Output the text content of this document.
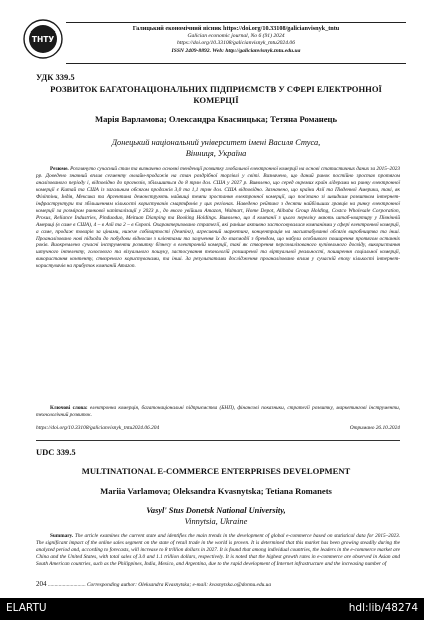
ТНТУ
Галицький економічний вісник https://doi.org/10.33108/galicianvisnyk_tntu
Galician economic journal, No 6 (91) 2024
https://doi.org/10.33108/galicianvisnyk_tntu2024.06
ISSN 2409-8892. Web: http://galicianvisnyk.tntu.edu.ua
УДК 339.5
РОЗВИТОК БАГАТОНАЦІОНАЛЬНИХ ПІДПРИЄМСТВ У СФЕРІ ЕЛЕКТРОННОЇ КОМЕРЦІЇ
Марія Варламова; Олександра Квасницька; Тетяна Романець
Донецький національний університет імені Василя Стуса,
Вінниця, Україна
Резюме. Розглянуто сучасний стан та визначено основні тенденції розвитку глобальної електронної комерції на основі статистичних даних за 2015–2023 рр. Доведено значний вплив сегменту онлайн-продажів на стан роздрібної торгівлі у світі. Визначено, що даний ринок постійно зростав протягом аналізованого періоду і, відповідно до прогнозів, збільшиться до 8 трлн дол. США у 2027 р. Виявлено, що серед окремих країн лідерами на ринку електронної комерції є Китай та США із загальним обсягом продажів 3,0 та 1,1 трлн дол. США відповідно. Зазначено, що країни Азії та Південної Америки, такі, як Філіппіни, Індія, Мексика та Аргентина демонструють найвищі темпи зростання електронної комерції, що пов'язано зі швидким розвитком інтернет-інфраструктури та збільшенням кількості користувачів смартфонів у цих регіонах. Наведено рейтинг з десяти найбільших гравців на ринку електронної комерції за розміром ринкової капіталізації у 2023 р., до якого увійшли Amazon, Walmart, Home Depot, Alibaba Group Holding, Costco Wholesale Corporation, Prosus, Reliance Industries, Pinduoduo, Meituan Dianping та Booking Holdings. Виявлено, що 4 компанії з цього переліку мають штаб-квартиру у Північній Америці (в саме в США), 4 – в Азії та 2 – в Європі. Охарактеризовано стратегії, які раніше активно застосовувалися компаніями у сфері електронної комерції, а саме, продаж товарів за цінами, нижче собівартості (демпінг), агресивний маркетинг, концентрація на масштабуванні обсягів виробництва та інші. Проаналізовано нові підходи до побудови відносин з клієнтами та залучення їх до взаємодії з брендом, що набули особливого поширення протягом останніх років. Виокремлено сучасні інструменти розвитку бізнесу в електронній комерції, такі як створення персоналізованого купівельного досвіду, використання штучного інтелекту, голосового та візуального пошуку, застосування технологій розширеної та віртуальної реальності, поширення соціальної комерції, використання контенту, створеного користувачами, та інші. За результатами дослідження проаналізовано вплив у сучасній епоху кількості інтернет-користувачів на прибуток компаній Amazon.
Ключові слова: електронна комерція, багатонаціональні підприємства (БНП), фінансові показники, стратегії розвитку, маркетингові інструменти, технологічний розвиток.
https://doi.org/10.33108/galicianvisnyk_tntu2024.06.204	Отримано 26.10.2024
UDC 339.5
MULTINATIONAL E-COMMERCE ENTERPRISES DEVELOPMENT
Mariia Varlamova; Oleksandra Kvasnytska; Tetiana Romanets
Vasyl' Stus Donetsk National University,
Vinnytsia, Ukraine
Summary. The article examines the current state and identifies the main trends in the development of global e-commerce based on statistical data for 2015–2023. The significant impact of the online sales segment on the state of retail trade in the world is proven. It is determined that this market has been growing steadily during the analyzed period and, according to forecasts, will increase to 8 trillion dollars in 2027. It is found that among individual countries, the leaders in the e-commerce market are China and the United States, with total sales of 3.0 and 1.1 trillion dollars, respectively. It is noted that the highest growth rates in e-commerce are observed in Asian and South American countries, such as the Philippines, India, Mexico, and Argentina, due to the rapid development of Internet infrastructure and the increasing number of
204 ............................ Corresponding author: Oleksandra Kvasnytska; e-mail: kvasnytska.o@donnu.edu.ua
ELARTU	hdl:lib/48274
